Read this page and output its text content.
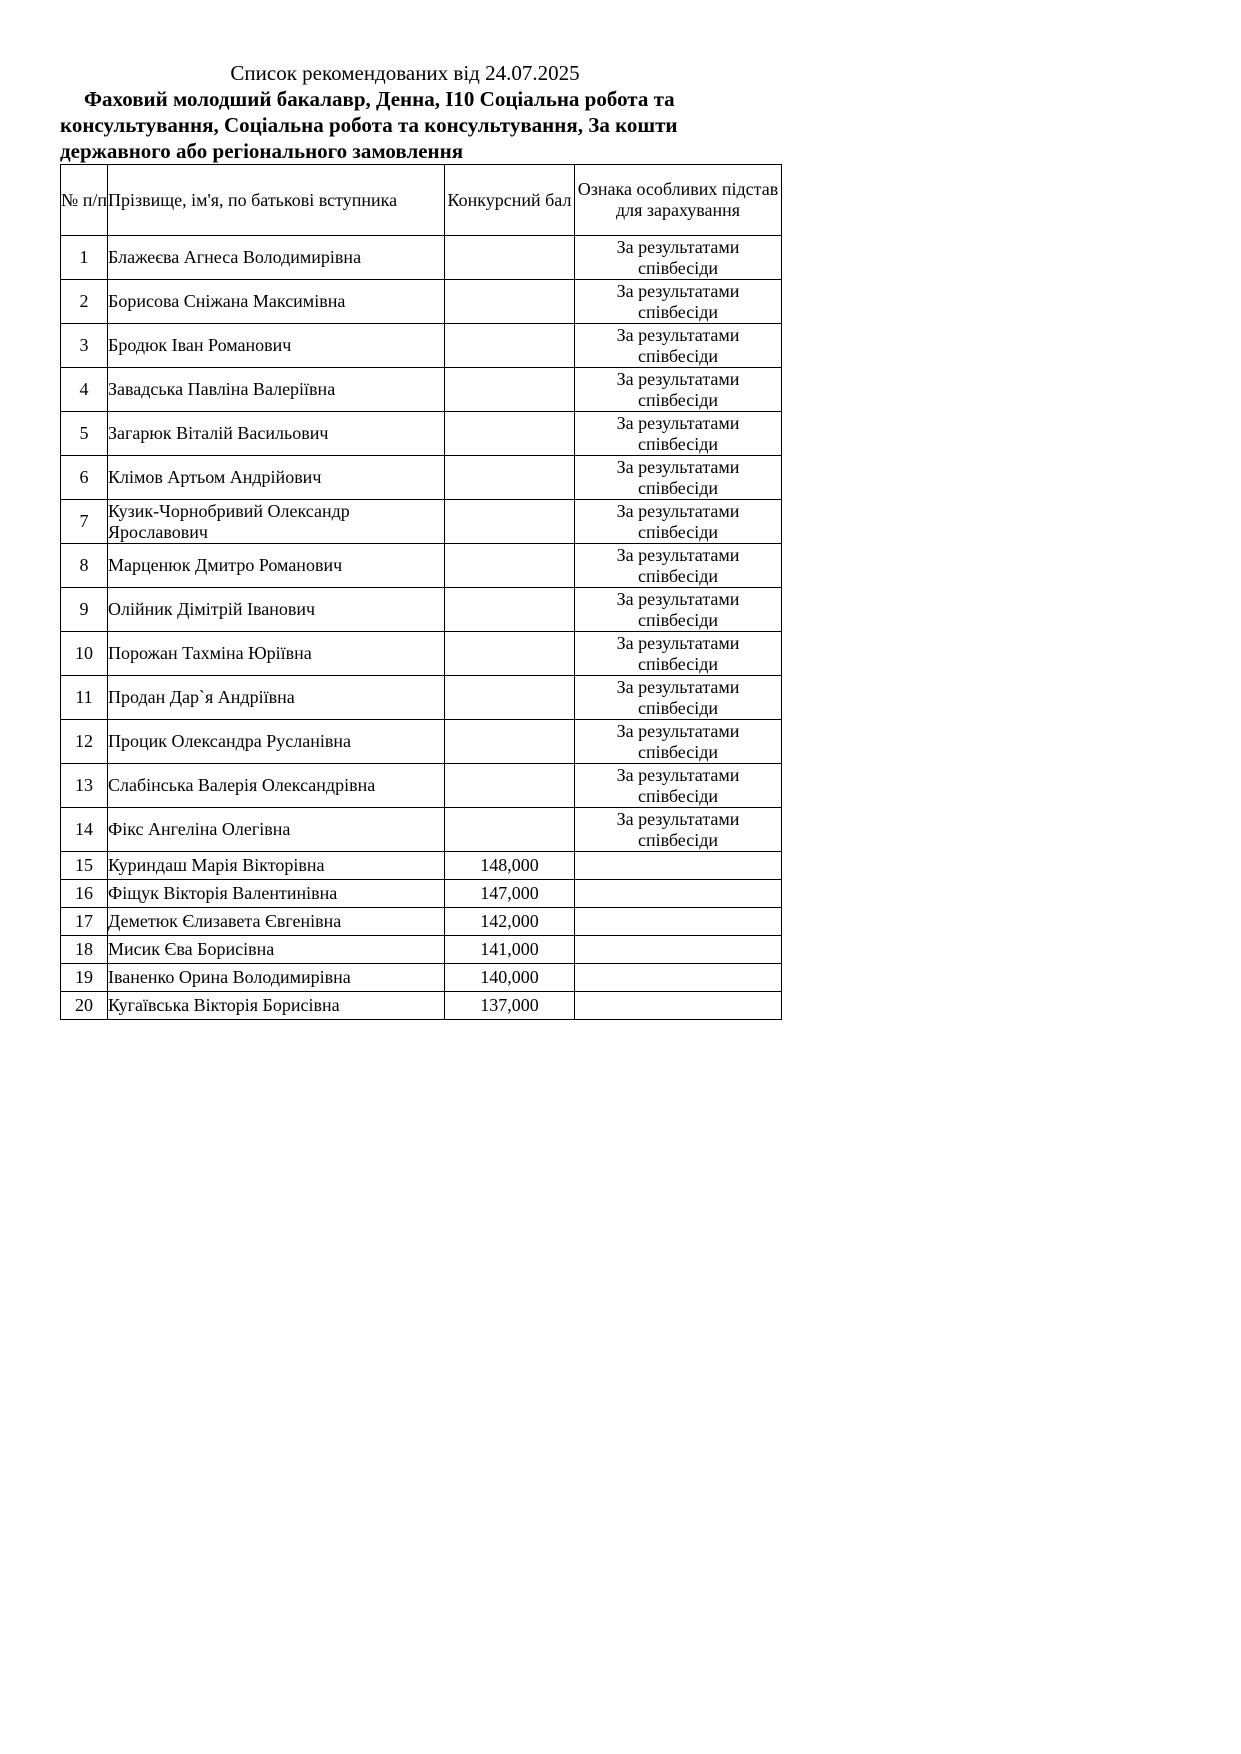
Список рекомендованих від 24.07.2025
Фаховий молодший бакалавр, Денна, I10 Соціальна робота та консультування, Соціальна робота та консультування, За кошти державного або регіонального замовлення
№ п/п	Прізвище, ім'я, по батькові вступника	Конкурсний бал	Ознака особливих підстав для зарахування
1	Блажеєва Агнеса Володимирівна		За результатами співбесіди
2	Борисова Сніжана Максимівна		За результатами співбесіди
3	Бродюк Іван Романович		За результатами співбесіди
4	Завадська Павліна Валеріївна		За результатами співбесіди
5	Загарюк Віталій Васильович		За результатами співбесіди
6	Клімов Артьом Андрійович		За результатами співбесіди
7	Кузик-Чорнобривий Олександр Ярославович		За результатами співбесіди
8	Марценюк Дмитро Романович		За результатами співбесіди
9	Олійник Дімітрій Іванович		За результатами співбесіди
10	Порожан Тахміна Юріївна		За результатами співбесіди
11	Продан Дар`я Андріївна		За результатами співбесіди
12	Процик Олександра Русланівна		За результатами співбесіди
13	Слабінська Валерія Олександрівна		За результатами співбесіди
14	Фікс Ангеліна Олегівна		За результатами співбесіди
15	Куриндаш Марія Вікторівна	148,000	
16	Фіщук Вікторія Валентинівна	147,000	
17	Деметюк Єлизавета Євгенівна	142,000	
18	Мисик Єва Борисівна	141,000	
19	Іваненко Орина Володимирівна	140,000	
20	Кугаївська Вікторія Борисівна	137,000	
